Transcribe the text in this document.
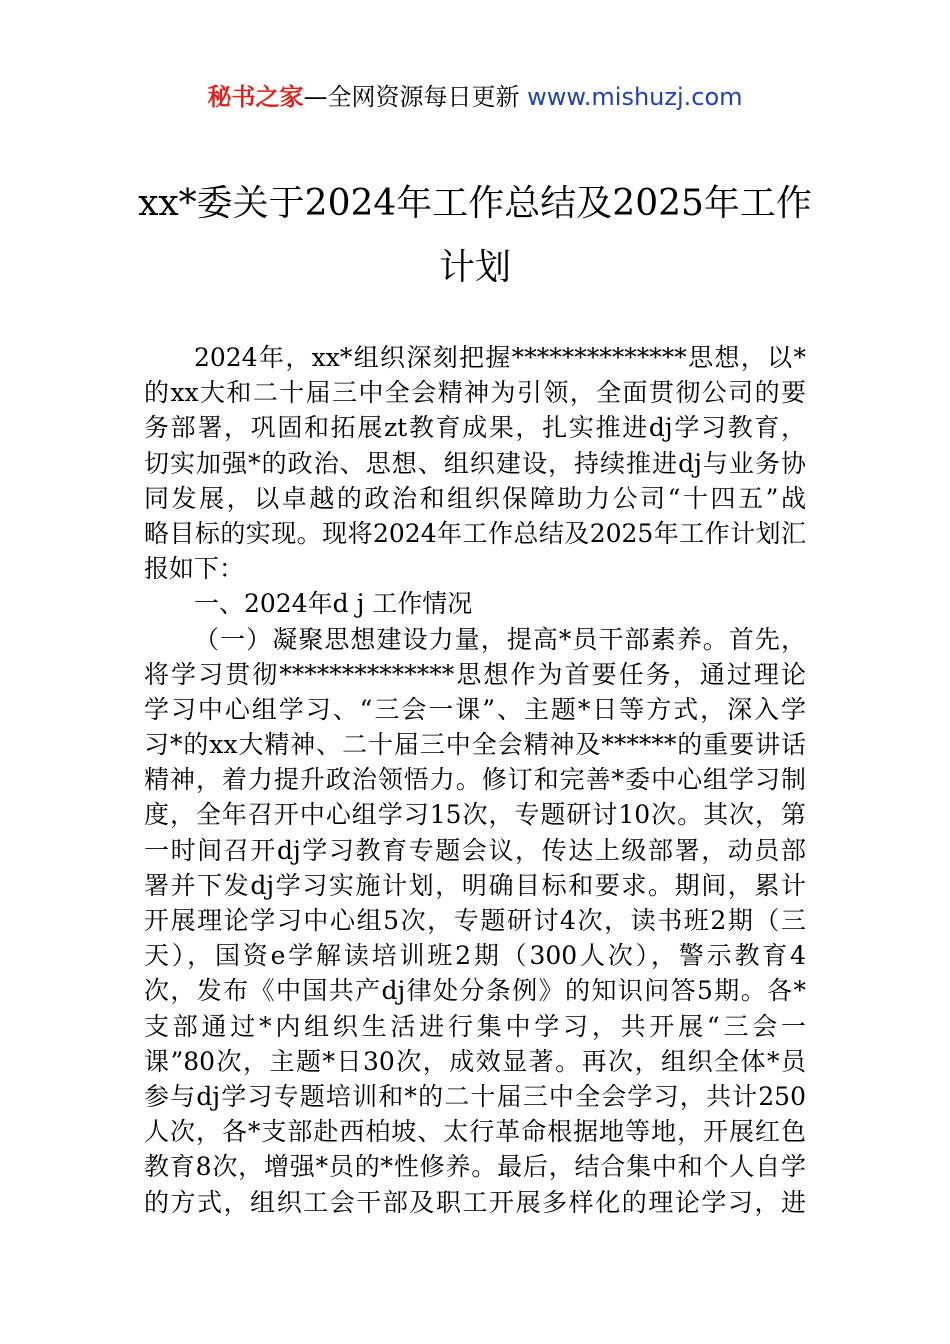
秘书之家—全网资源每日更新 www.mishuzj.com
xx*委关于2024年工作总结及2025年工作
计划
2024年，xx*组织深刻把握**************思想，以*
的xx大和二十届三中全会精神为引领，全面贯彻公司的要
务部署，巩固和拓展zt教育成果，扎实推进dj学习教育，
切实加强*的政治、思想、组织建设，持续推进dj与业务协
同发展，以卓越的政治和组织保障助力公司“十四五”战
略目标的实现。现将2024年工作总结及2025年工作计划汇
报如下：
一、2024年d j 工作情况
（一）凝聚思想建设力量，提高*员干部素养。首先，
将学习贯彻**************思想作为首要任务，通过理论
学习中心组学习、“三会一课”、主题*日等方式，深入学
习*的xx大精神、二十届三中全会精神及******的重要讲话
精神，着力提升政治领悟力。修订和完善*委中心组学习制
度，全年召开中心组学习15次，专题研讨10次。其次，第
一时间召开dj学习教育专题会议，传达上级部署，动员部
署并下发dj学习实施计划，明确目标和要求。期间，累计
开展理论学习中心组5次，专题研讨4次，读书班2期（三
天），国资e学解读培训班2期（300人次），警示教育4
次，发布《中国共产dj律处分条例》的知识问答5期。各*
支部通过*内组织生活进行集中学习，共开展“三会一
课”80次，主题*日30次，成效显著。再次，组织全体*员
参与dj学习专题培训和*的二十届三中全会学习，共计250
人次，各*支部赴西柏坡、太行革命根据地等地，开展红色
教育8次，增强*员的*性修养。最后，结合集中和个人自学
的方式，组织工会干部及职工开展多样化的理论学习，进
